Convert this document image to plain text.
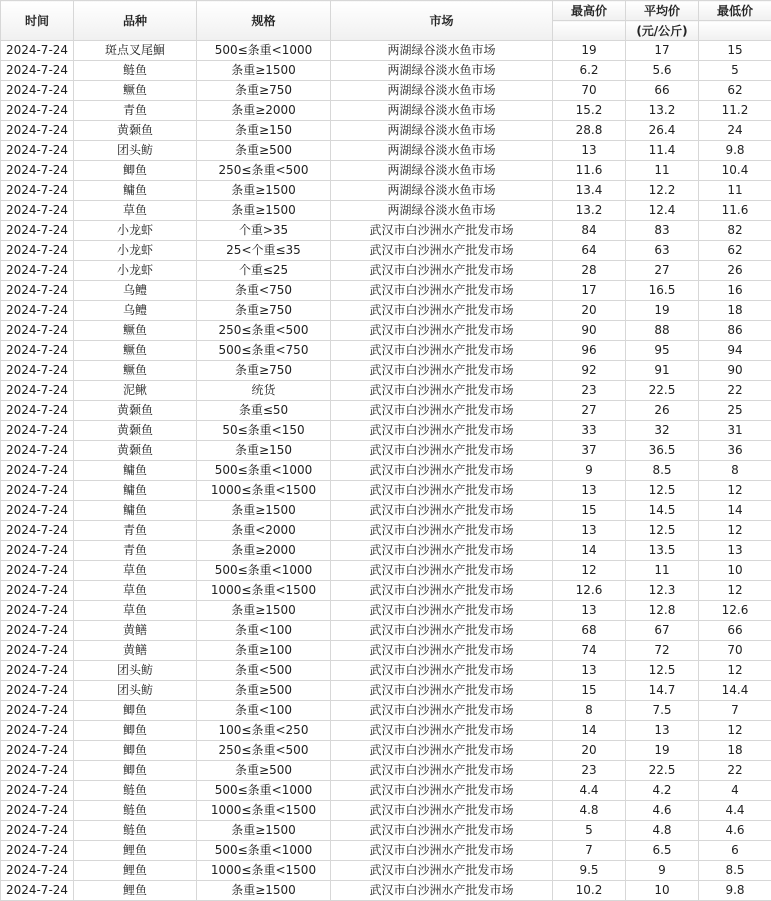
时间	品种	规格	市场	最高价	平均价	最低价
					(元/公斤)	
2024-7-24	斑点叉尾鮰	500≤条重<1000	两湖绿谷淡水鱼市场	19	17	15
2024-7-24	鲢鱼	条重≥1500	两湖绿谷淡水鱼市场	6.2	5.6	5
2024-7-24	鳜鱼	条重≥750	两湖绿谷淡水鱼市场	70	66	62
2024-7-24	青鱼	条重≥2000	两湖绿谷淡水鱼市场	15.2	13.2	11.2
2024-7-24	黄颡鱼	条重≥150	两湖绿谷淡水鱼市场	28.8	26.4	24
2024-7-24	团头鲂	条重≥500	两湖绿谷淡水鱼市场	13	11.4	9.8
2024-7-24	鲫鱼	250≤条重<500	两湖绿谷淡水鱼市场	11.6	11	10.4
2024-7-24	鳙鱼	条重≥1500	两湖绿谷淡水鱼市场	13.4	12.2	11
2024-7-24	草鱼	条重≥1500	两湖绿谷淡水鱼市场	13.2	12.4	11.6
2024-7-24	小龙虾	个重>35	武汉市白沙洲水产批发市场	84	83	82
2024-7-24	小龙虾	25<个重≤35	武汉市白沙洲水产批发市场	64	63	62
2024-7-24	小龙虾	个重≤25	武汉市白沙洲水产批发市场	28	27	26
2024-7-24	乌鳢	条重<750	武汉市白沙洲水产批发市场	17	16.5	16
2024-7-24	乌鳢	条重≥750	武汉市白沙洲水产批发市场	20	19	18
2024-7-24	鳜鱼	250≤条重<500	武汉市白沙洲水产批发市场	90	88	86
2024-7-24	鳜鱼	500≤条重<750	武汉市白沙洲水产批发市场	96	95	94
2024-7-24	鳜鱼	条重≥750	武汉市白沙洲水产批发市场	92	91	90
2024-7-24	泥鳅	统货	武汉市白沙洲水产批发市场	23	22.5	22
2024-7-24	黄颡鱼	条重≤50	武汉市白沙洲水产批发市场	27	26	25
2024-7-24	黄颡鱼	50≤条重<150	武汉市白沙洲水产批发市场	33	32	31
2024-7-24	黄颡鱼	条重≥150	武汉市白沙洲水产批发市场	37	36.5	36
2024-7-24	鳙鱼	500≤条重<1000	武汉市白沙洲水产批发市场	9	8.5	8
2024-7-24	鳙鱼	1000≤条重<1500	武汉市白沙洲水产批发市场	13	12.5	12
2024-7-24	鳙鱼	条重≥1500	武汉市白沙洲水产批发市场	15	14.5	14
2024-7-24	青鱼	条重<2000	武汉市白沙洲水产批发市场	13	12.5	12
2024-7-24	青鱼	条重≥2000	武汉市白沙洲水产批发市场	14	13.5	13
2024-7-24	草鱼	500≤条重<1000	武汉市白沙洲水产批发市场	12	11	10
2024-7-24	草鱼	1000≤条重<1500	武汉市白沙洲水产批发市场	12.6	12.3	12
2024-7-24	草鱼	条重≥1500	武汉市白沙洲水产批发市场	13	12.8	12.6
2024-7-24	黄鳝	条重<100	武汉市白沙洲水产批发市场	68	67	66
2024-7-24	黄鳝	条重≥100	武汉市白沙洲水产批发市场	74	72	70
2024-7-24	团头鲂	条重<500	武汉市白沙洲水产批发市场	13	12.5	12
2024-7-24	团头鲂	条重≥500	武汉市白沙洲水产批发市场	15	14.7	14.4
2024-7-24	鲫鱼	条重<100	武汉市白沙洲水产批发市场	8	7.5	7
2024-7-24	鲫鱼	100≤条重<250	武汉市白沙洲水产批发市场	14	13	12
2024-7-24	鲫鱼	250≤条重<500	武汉市白沙洲水产批发市场	20	19	18
2024-7-24	鲫鱼	条重≥500	武汉市白沙洲水产批发市场	23	22.5	22
2024-7-24	鲢鱼	500≤条重<1000	武汉市白沙洲水产批发市场	4.4	4.2	4
2024-7-24	鲢鱼	1000≤条重<1500	武汉市白沙洲水产批发市场	4.8	4.6	4.4
2024-7-24	鲢鱼	条重≥1500	武汉市白沙洲水产批发市场	5	4.8	4.6
2024-7-24	鲤鱼	500≤条重<1000	武汉市白沙洲水产批发市场	7	6.5	6
2024-7-24	鲤鱼	1000≤条重<1500	武汉市白沙洲水产批发市场	9.5	9	8.5
2024-7-24	鲤鱼	条重≥1500	武汉市白沙洲水产批发市场	10.2	10	9.8
